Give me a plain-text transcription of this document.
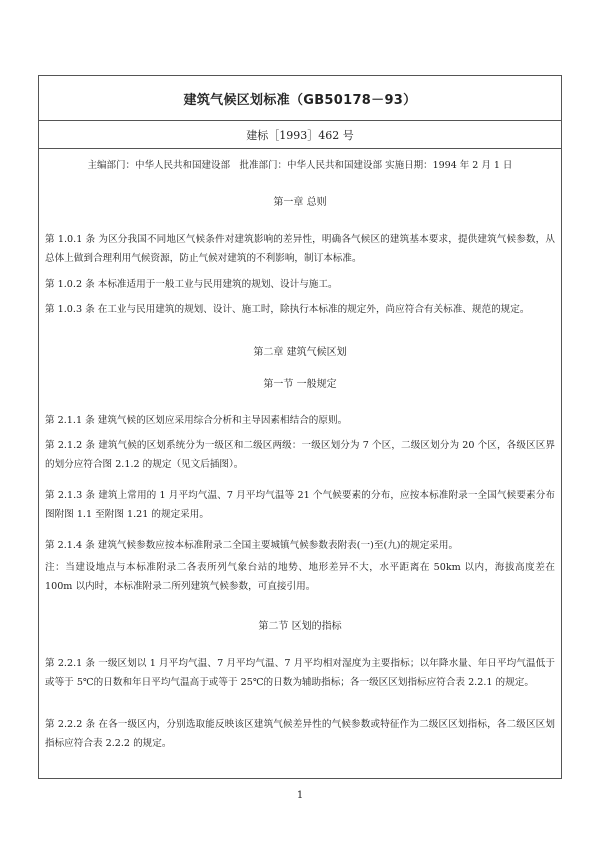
建筑气候区划标准（GB50178－93）
建标［1993］462 号
主编部门：中华人民共和国建设部　批准部门：中华人民共和国建设部 实施日期：1994 年 2 月 1 日
第一章 总则
第 1.0.1 条 为区分我国不同地区气候条件对建筑影响的差异性，明确各气候区的建筑基本要求，提供建筑气候参数，从总体上做到合理利用气候资源，防止气候对建筑的不利影响，制订本标准。
第 1.0.2 条 本标准适用于一般工业与民用建筑的规划、设计与施工。
第 1.0.3 条 在工业与民用建筑的规划、设计、施工时，除执行本标准的规定外，尚应符合有关标准、规范的规定。
第二章 建筑气候区划
第一节 一般规定
第 2.1.1 条 建筑气候的区划应采用综合分析和主导因素相结合的原则。
第 2.1.2 条 建筑气候的区划系统分为一级区和二级区两级：一级区划分为 7 个区，二级区划分为 20 个区，各级区区界的划分应符合图 2.1.2 的规定（见文后插图）。
第 2.1.3 条 建筑上常用的 1 月平均气温、7 月平均气温等 21 个气候要素的分布，应按本标准附录一全国气候要素分布图附图 1.1 至附图 1.21 的规定采用。
第 2.1.4 条 建筑气候参数应按本标准附录二全国主要城镇气候参数表附表(一)至(九)的规定采用。
注：当建设地点与本标准附录二各表所列气象台站的地势、地形差异不大，水平距离在 50km 以内，海拔高度差在 100m 以内时，本标准附录二所列建筑气候参数，可直接引用。
第二节 区划的指标
第 2.2.1 条 一级区划以 1 月平均气温、7 月平均气温、7 月平均相对湿度为主要指标；以年降水量、年日平均气温低于或等于 5℃的日数和年日平均气温高于或等于 25℃的日数为辅助指标；各一级区区划指标应符合表 2.2.1 的规定。
第 2.2.2 条 在各一级区内，分别选取能反映该区建筑气候差异性的气候参数或特征作为二级区区划指标，各二级区区划指标应符合表 2.2.2 的规定。
1
